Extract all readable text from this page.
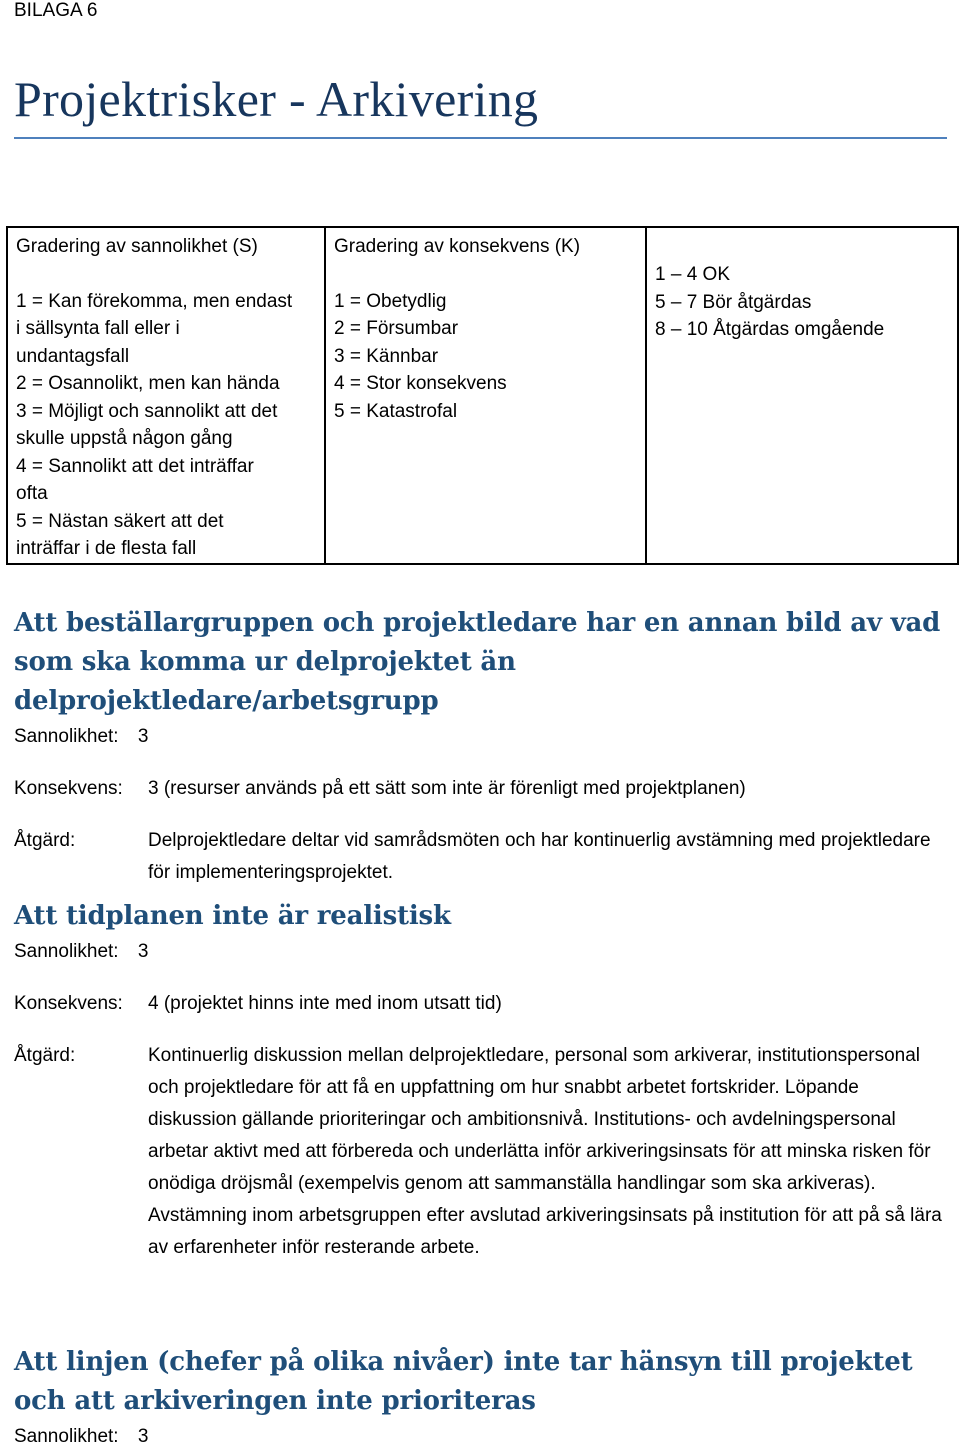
BILAGA 6
Projektrisker - Arkivering
Gradering av sannolikhet (S)
1 = Kan förekomma, men endast
i sällsynta fall eller i
undantagsfall
2 = Osannolikt, men kan hända
3 = Möjligt och sannolikt att det
skulle uppstå någon gång
4 = Sannolikt att det inträffar
ofta
5 = Nästan säkert att det
inträffar i de flesta fall

Gradering av konsekvens (K)
1 = Obetydlig
2 = Försumbar
3 = Kännbar
4 = Stor konsekvens
5 = Katastrofal

1 – 4 OK
5 – 7 Bör åtgärdas
8 – 10 Åtgärdas omgående
Att beställargruppen och projektledare har en annan bild av vad som ska komma ur delprojektet än delprojektledare/arbetsgrupp
Sannolikhet: 3
Konsekvens: 3 (resurser används på ett sätt som inte är förenligt med projektplanen)
Åtgärd:	Delprojektledare deltar vid samrådsmöten och har kontinuerlig avstämning med projektledare för implementeringsprojektet.
Att tidplanen inte är realistisk
Sannolikhet: 3
Konsekvens: 4 (projektet hinns inte med inom utsatt tid)
Åtgärd:	Kontinuerlig diskussion mellan delprojektledare, personal som arkiverar, institutionspersonal och projektledare för att få en uppfattning om hur snabbt arbetet fortskrider. Löpande diskussion gällande prioriteringar och ambitionsnivå. Institutions- och avdelningspersonal arbetar aktivt med att förbereda och underlätta inför arkiveringsinsats för att minska risken för onödiga dröjsmål (exempelvis genom att sammanställa handlingar som ska arkiveras). Avstämning inom arbetsgruppen efter avslutad arkiveringsinsats på institution för att på så lära av erfarenheter inför resterande arbete.
Att linjen (chefer på olika nivåer) inte tar hänsyn till projektet och att arkiveringen inte prioriteras
Sannolikhet: 3
